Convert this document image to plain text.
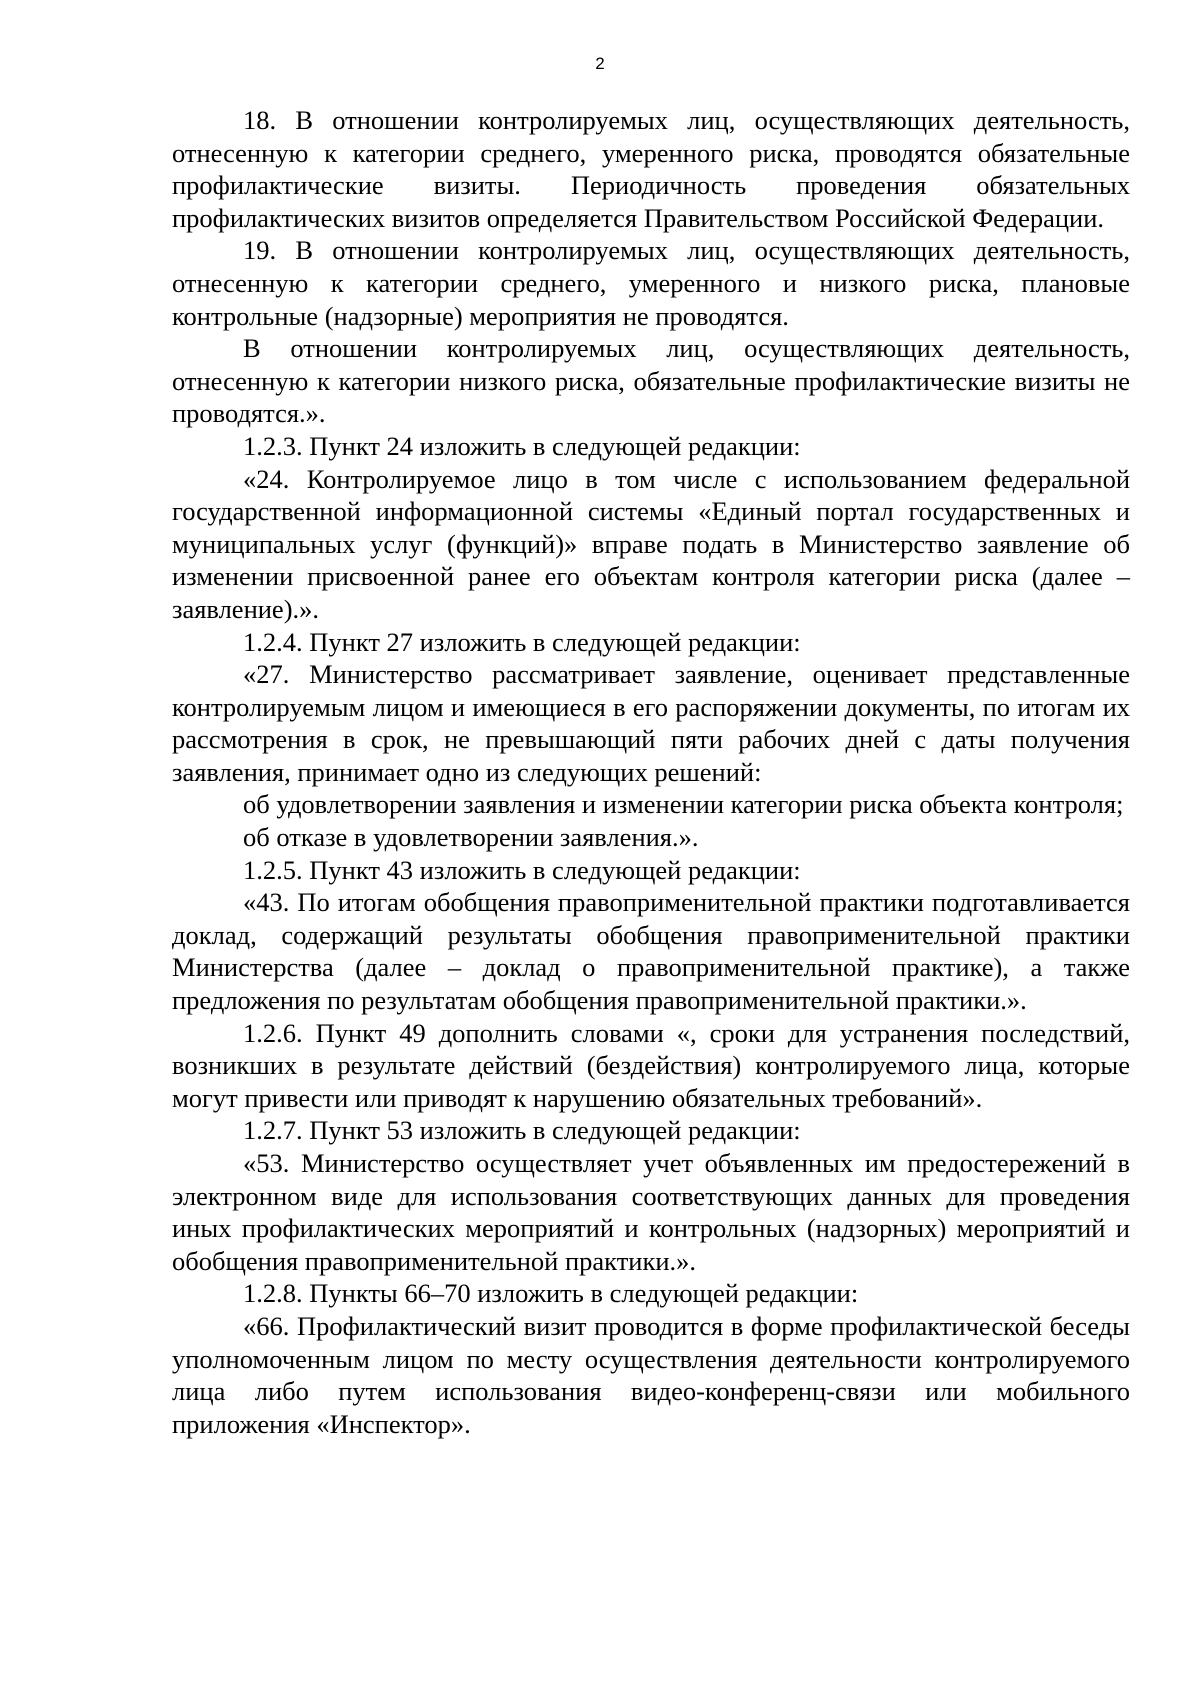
2

18. В отношении контролируемых лиц, осуществляющих деятельность, отнесенную к категории среднего, умеренного риска, проводятся обязательные профилактические визиты. Периодичность проведения обязательных профилактических визитов определяется Правительством Российской Федерации.

19. В отношении контролируемых лиц, осуществляющих деятельность, отнесенную к категории среднего, умеренного и низкого риска, плановые контрольные (надзорные) мероприятия не проводятся.

В отношении контролируемых лиц, осуществляющих деятельность, отнесенную к категории низкого риска, обязательные профилактические визиты не проводятся.».

1.2.3. Пункт 24 изложить в следующей редакции:

«24. Контролируемое лицо в том числе с использованием федеральной государственной информационной системы «Единый портал государственных и муниципальных услуг (функций)» вправе подать в Министерство заявление об изменении присвоенной ранее его объектам контроля категории риска (далее – заявление).».

1.2.4. Пункт 27 изложить в следующей редакции:

«27. Министерство рассматривает заявление, оценивает представленные контролируемым лицом и имеющиеся в его распоряжении документы, по итогам их рассмотрения в срок, не превышающий пяти рабочих дней с даты получения заявления, принимает одно из следующих решений:

об удовлетворении заявления и изменении категории риска объекта контроля;

об отказе в удовлетворении заявления.».

1.2.5. Пункт 43 изложить в следующей редакции:

«43. По итогам обобщения правоприменительной практики подготавливается доклад, содержащий результаты обобщения правоприменительной практики Министерства (далее – доклад о правоприменительной практике), а также предложения по результатам обобщения правоприменительной практики.».

1.2.6. Пункт 49 дополнить словами «, сроки для устранения последствий, возникших в результате действий (бездействия) контролируемого лица, которые могут привести или приводят к нарушению обязательных требований».

1.2.7. Пункт 53 изложить в следующей редакции:

«53. Министерство осуществляет учет объявленных им предостережений в электронном виде для использования соответствующих данных для проведения иных профилактических мероприятий и контрольных (надзорных) мероприятий и обобщения правоприменительной практики.».

1.2.8. Пункты 66–70 изложить в следующей редакции:

«66. Профилактический визит проводится в форме профилактической беседы уполномоченным лицом по месту осуществления деятельности контролируемого лица либо путем использования видео-конференц-связи или мобильного приложения «Инспектор».
